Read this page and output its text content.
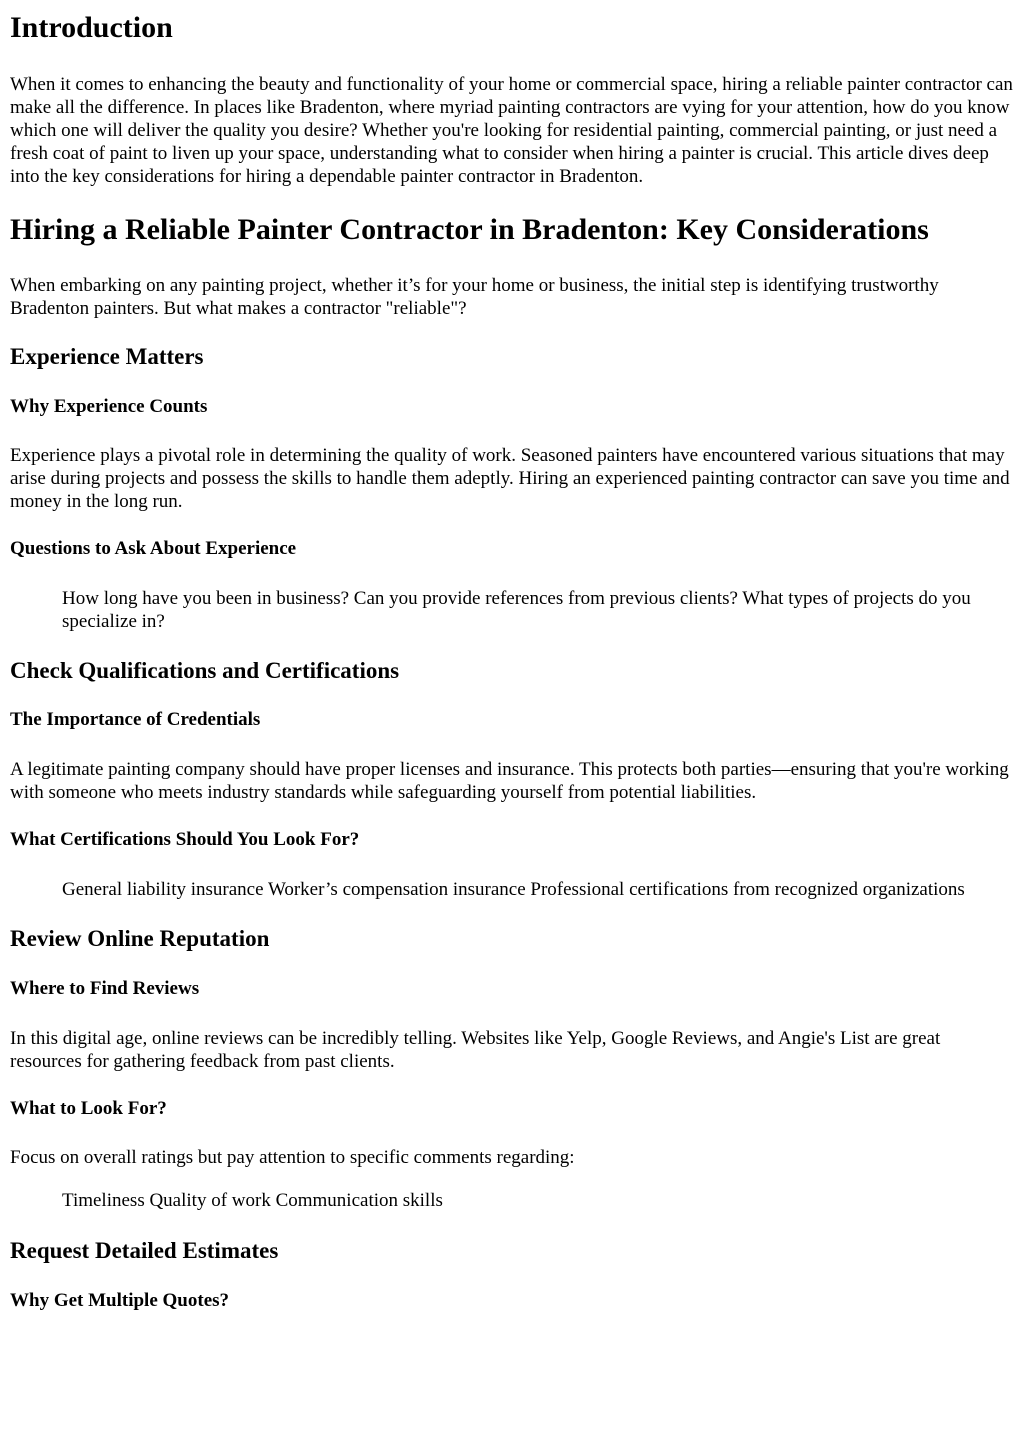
Introduction

When it comes to enhancing the beauty and functionality of your home or commercial space, hiring a reliable painter contractor can make all the difference. In places like Bradenton, where myriad painting contractors are vying for your attention, how do you know which one will deliver the quality you desire? Whether you're looking for residential painting, commercial painting, or just need a fresh coat of paint to liven up your space, understanding what to consider when hiring a painter is crucial. This article dives deep into the key considerations for hiring a dependable painter contractor in Bradenton.

Hiring a Reliable Painter Contractor in Bradenton: Key Considerations

When embarking on any painting project, whether it’s for your home or business, the initial step is identifying trustworthy Bradenton painters. But what makes a contractor "reliable"?

Experience Matters
Why Experience Counts

Experience plays a pivotal role in determining the quality of work. Seasoned painters have encountered various situations that may arise during projects and possess the skills to handle them adeptly. Hiring an experienced painting contractor can save you time and money in the long run.

Questions to Ask About Experience

How long have you been in business? Can you provide references from previous clients? What types of projects do you specialize in?

Check Qualifications and Certifications
The Importance of Credentials

A legitimate painting company should have proper licenses and insurance. This protects both parties—ensuring that you're working with someone who meets industry standards while safeguarding yourself from potential liabilities.

What Certifications Should You Look For?

General liability insurance Worker’s compensation insurance Professional certifications from recognized organizations

Review Online Reputation
Where to Find Reviews

In this digital age, online reviews can be incredibly telling. Websites like Yelp, Google Reviews, and Angie's List are great resources for gathering feedback from past clients.

What to Look For?

Focus on overall ratings but pay attention to specific comments regarding:

Timeliness Quality of work Communication skills

Request Detailed Estimates
Why Get Multiple Quotes?
